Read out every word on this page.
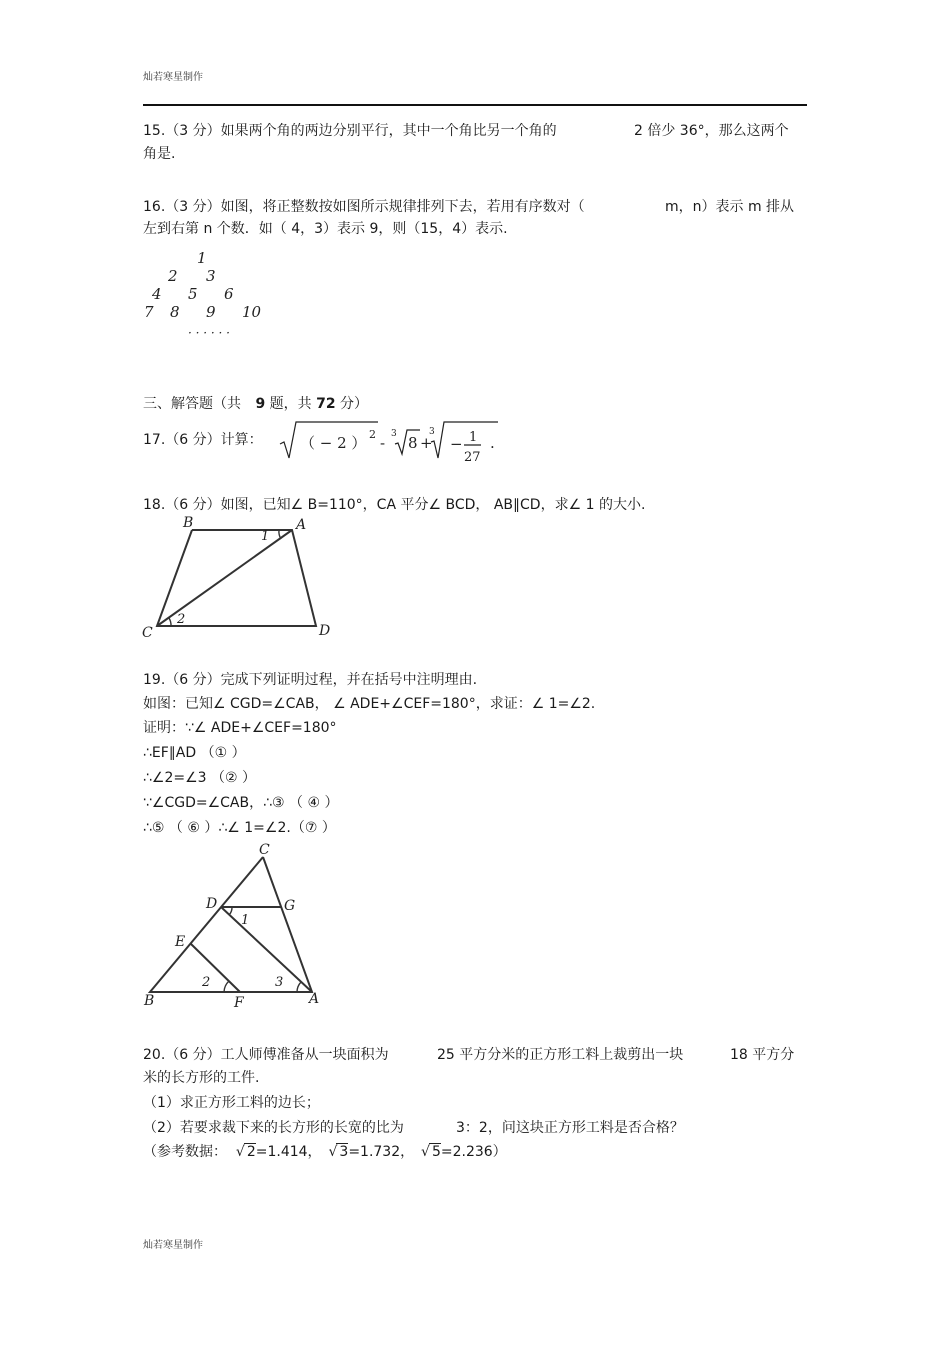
灿若寒星制作
15.（3 分）如果两个角的两边分别平行，其中一个角比另一个角的	2 倍少 36°，那么这两个
角是.
16.（3 分）如图，将正整数按如图所示规律排列下去，若用有序数对（	m，n）表示 m 排从
左到右第 n 个数．如（ 4，3）表示 9，则（15，4）表示.
1
2 3
4 5 6
7 8 9 10
· · · · · ·
三、解答题（共 9 题，共 72 分）
17.（6 分）计算： （ − 2 ） 2 - 3 8 +
3
− 1
27
.
18.（6 分）如图，已知∠ B=110°，CA 平分∠ BCD， AB∥CD，求∠ 1 的大小.
B	A
C	D
1
2
19.（6 分）完成下列证明过程，并在括号中注明理由.
如图：已知∠ CGD=∠CAB， ∠ ADE+∠CEF=180°，求证：∠ 1=∠2.
证明：∵∠ ADE+∠CEF=180°
∴EF∥AD （① ）
∴∠2=∠3 （② ）
∵∠CGD=∠CAB，∴③ （ ④ ）
∴⑤ （ ⑥ ）∴∠ 1=∠2.（⑦ ）
C
D	G
E
B	F	A
1
2	3
20.（6 分）工人师傅准备从一块面积为	25 平方分米的正方形工料上裁剪出一块	18 平方分
米的长方形的工件.
（1）求正方形工料的边长；
（2）若要求裁下来的长方形的长宽的比为	3：2，问这块正方形工料是否合格？
（参考数据： √ 2=1.414， √ 3=1.732， √ 5=2.236）
灿若寒星制作
